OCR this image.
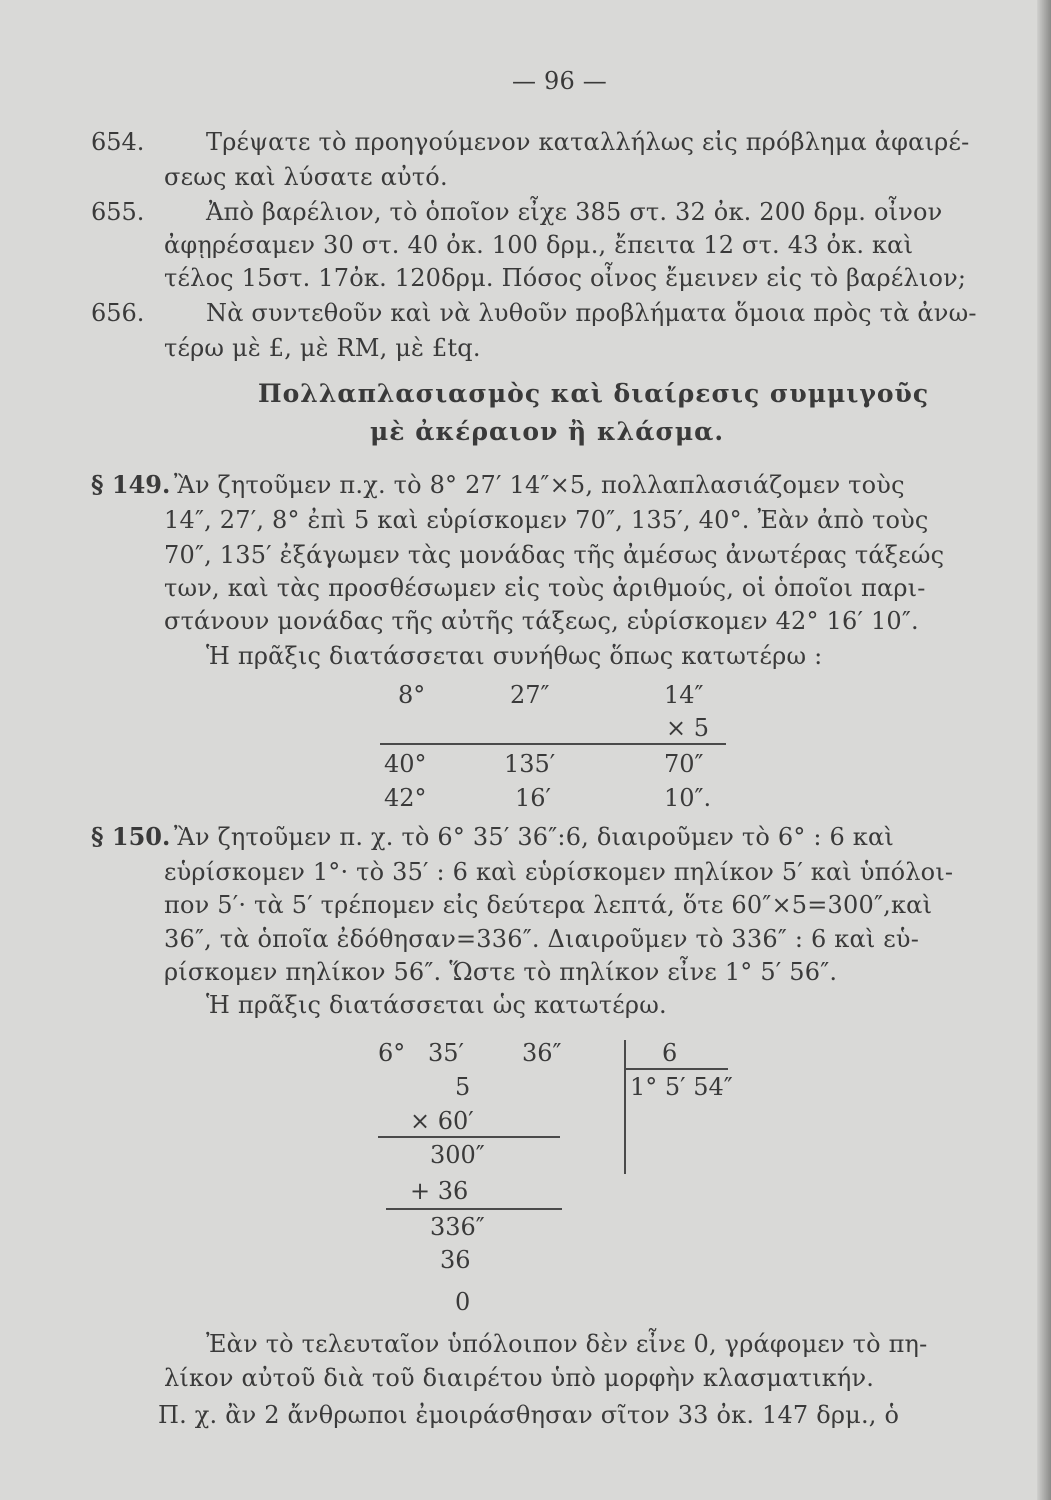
— 96 —
654.	Τρέψατε τὸ προηγούμενον καταλλήλως εἰς πρόβλημα ἀφαιρέ-
σεως καὶ λύσατε αὐτό.
655.	Ἀπὸ βαρέλιον, τὸ ὁποῖον εἶχε 385 στ. 32 ὀκ. 200 δρμ. οἶνον
ἀφῃρέσαμεν 30 στ. 40 ὀκ. 100 δρμ., ἔπειτα 12 στ. 43 ὀκ. καὶ
τέλος 15στ. 17ὀκ. 120δρμ. Πόσος οἶνος ἔμεινεν εἰς τὸ βαρέλιον;
656.	Νὰ συντεθοῦν καὶ νὰ λυθοῦν προβλήματα ὅμοια πρὸς τὰ ἀνω-
τέρω μὲ £, μὲ RM, μὲ £tq.
Πολλαπλασιασμὸς καὶ διαίρεσις συμμιγοῦς
μὲ ἀκέραιον ἢ κλάσμα.
§ 149. Ἂν ζητοῦμεν π.χ. τὸ 8° 27′ 14″×5, πολλαπλασιάζομεν τοὺς
14″, 27′, 8° ἐπὶ 5 καὶ εὑρίσκομεν 70″, 135′, 40°. Ἐὰν ἀπὸ τοὺς
70″, 135′ ἐξάγωμεν τὰς μονάδας τῆς ἀμέσως ἀνωτέρας τάξεώς
των, καὶ τὰς προσθέσωμεν εἰς τοὺς ἀριθμούς, οἱ ὁποῖοι παρι-
στάνουν μονάδας τῆς αὐτῆς τάξεως, εὑρίσκομεν 42° 16′ 10″.
Ἡ πρᾶξις διατάσσεται συνήθως ὅπως κατωτέρω :
8°	27″	14″
× 5
40°	135′	70″
42°	16′	10″.
§ 150. Ἂν ζητοῦμεν π. χ. τὸ 6° 35′ 36″:6, διαιροῦμεν τὸ 6° : 6 καὶ
εὑρίσκομεν 1°· τὸ 35′ : 6 καὶ εὑρίσκομεν πηλίκον 5′ καὶ ὑπόλοι-
πον 5′· τὰ 5′ τρέπομεν εἰς δεύτερα λεπτά, ὅτε 60″×5=300″,καὶ
36″, τὰ ὁποῖα ἐδόθησαν=336″. Διαιροῦμεν τὸ 336″ : 6 καὶ εὑ-
ρίσκομεν πηλίκον 56″. Ὥστε τὸ πηλίκον εἶνε 1° 5′ 56″.
Ἡ πρᾶξις διατάσσεται ὡς κατωτέρω.
6° 35′ 36″	6
1° 5′ 54″
5
× 60′
300″
+ 36
336″
36
0
Ἐὰν τὸ τελευταῖον ὑπόλοιπον δὲν εἶνε 0, γράφομεν τὸ πη-
λίκον αὐτοῦ διὰ τοῦ διαιρέτου ὑπὸ μορφὴν κλασματικήν.
Π. χ. ἂν 2 ἄνθρωποι ἐμοιράσθησαν σῖτον 33 ὀκ. 147 δρμ., ὁ
